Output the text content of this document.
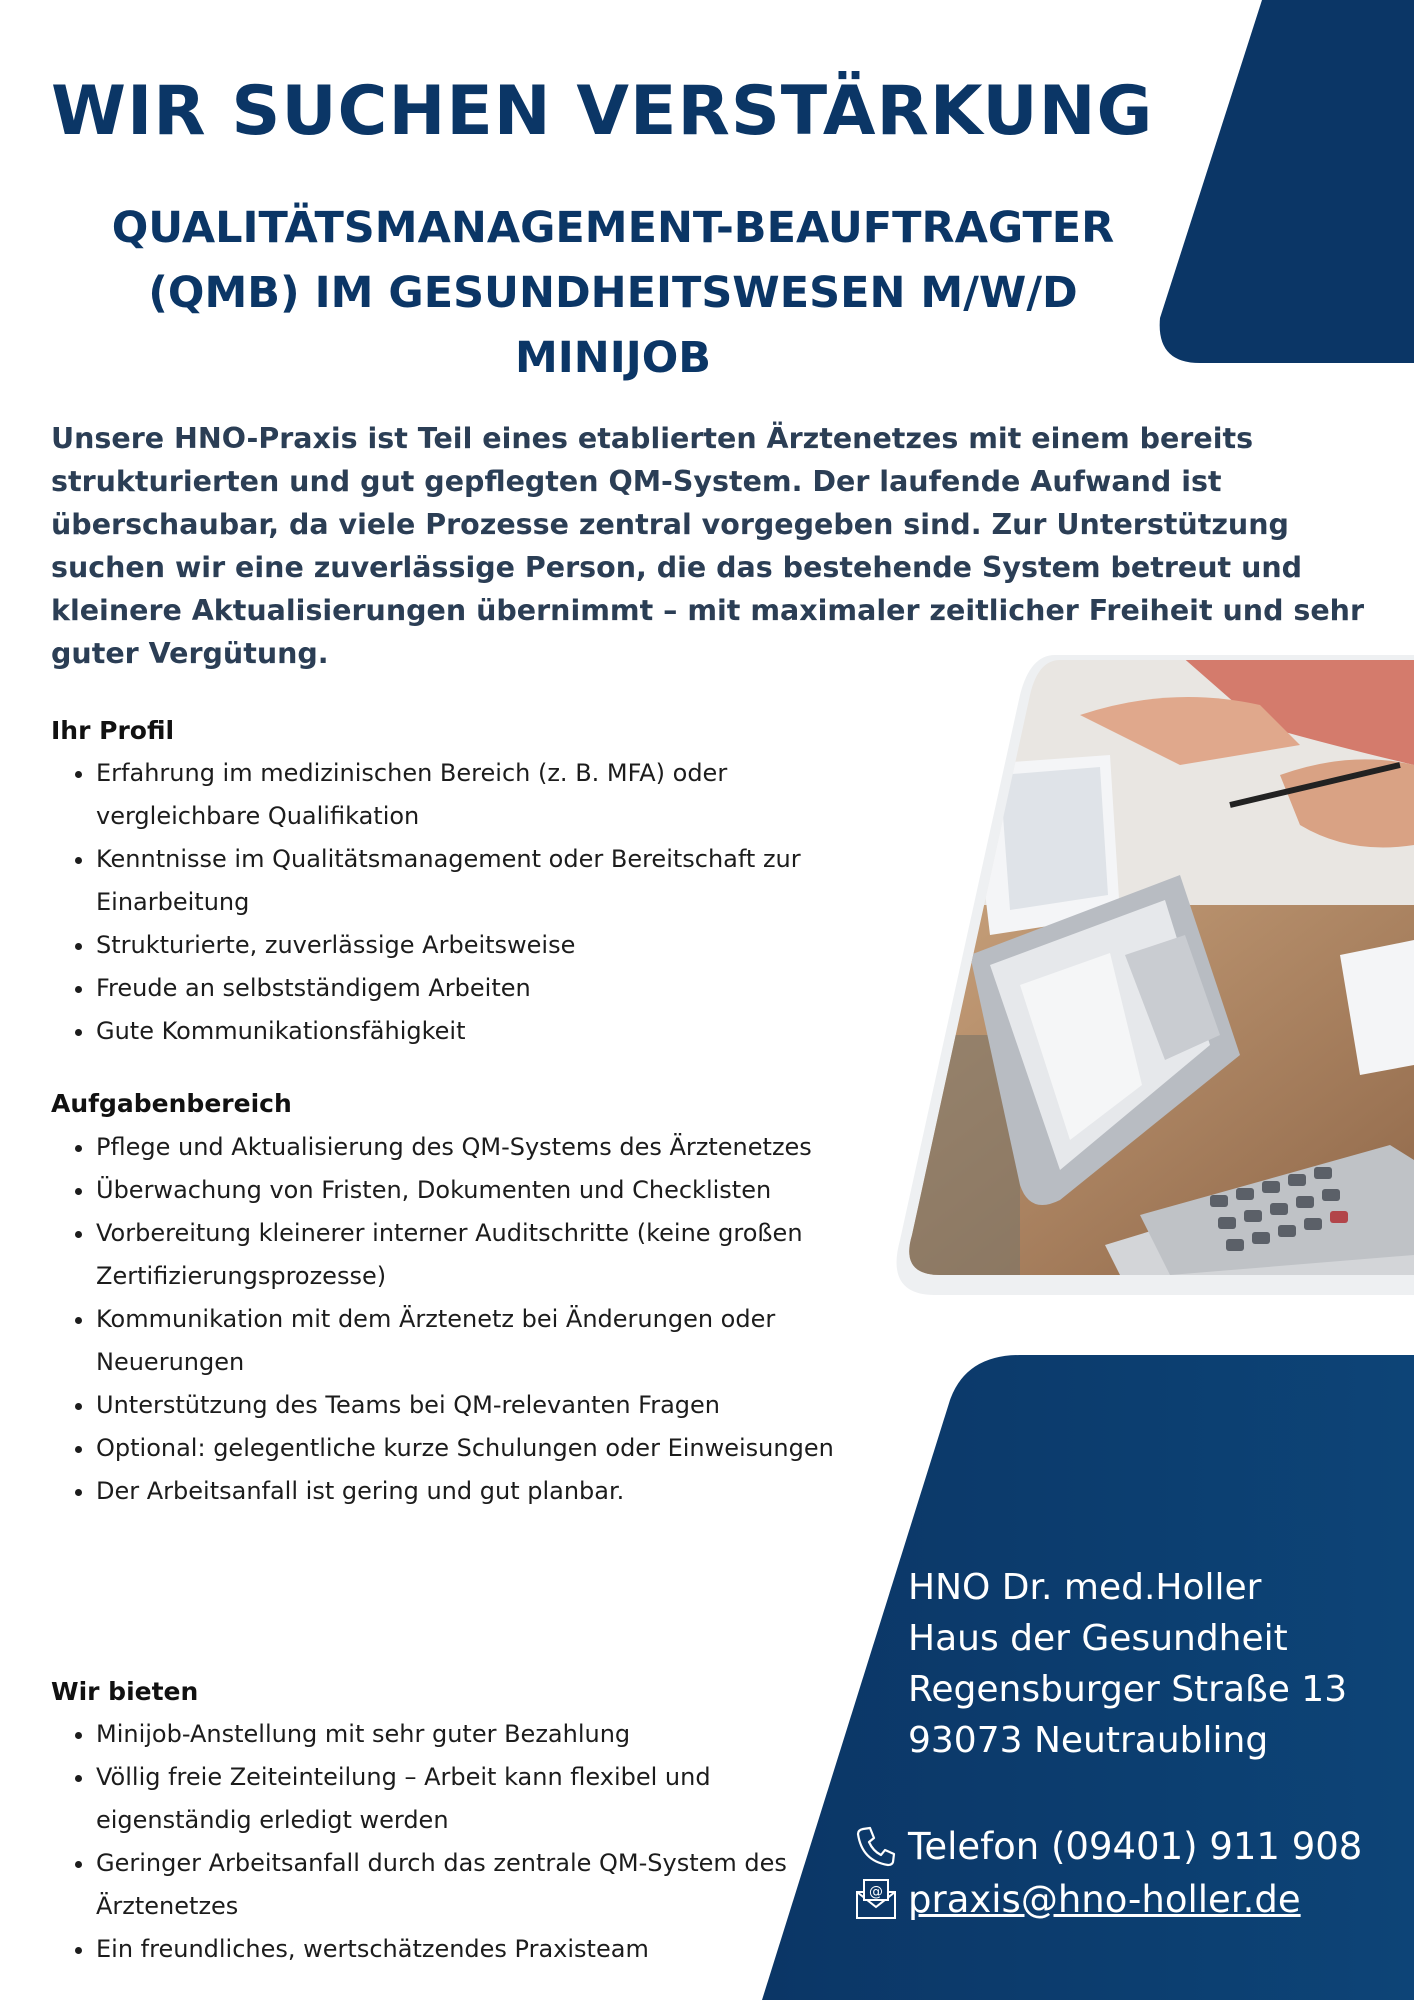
WIR SUCHEN VERSTÄRKUNG
QUALITÄTSMANAGEMENT-BEAUFTRAGTER
(QMB) IM GESUNDHEITSWESEN M/W/D
MINIJOB

Unsere HNO-Praxis ist Teil eines etablierten Ärztenetzes mit einem bereits strukturierten und gut gepflegten QM-System. Der laufende Aufwand ist überschaubar, da viele Prozesse zentral vorgegeben sind. Zur Unterstützung suchen wir eine zuverlässige Person, die das bestehende System betreut und kleinere Aktualisierungen übernimmt – mit maximaler zeitlicher Freiheit und sehr guter Vergütung.

Ihr Profil
• Erfahrung im medizinischen Bereich (z. B. MFA) oder vergleichbare Qualifikation
• Kenntnisse im Qualitätsmanagement oder Bereitschaft zur Einarbeitung
• Strukturierte, zuverlässige Arbeitsweise
• Freude an selbstständigem Arbeiten
• Gute Kommunikationsfähigkeit
Aufgabenbereich
• Pflege und Aktualisierung des QM-Systems des Ärztenetzes
• Überwachung von Fristen, Dokumenten und Checklisten
• Vorbereitung kleinerer interner Auditschritte (keine großen Zertifizierungsprozesse)
• Kommunikation mit dem Ärztenetz bei Änderungen oder Neuerungen
• Unterstützung des Teams bei QM-relevanten Fragen
• Optional: gelegentliche kurze Schulungen oder Einweisungen
• Der Arbeitsanfall ist gering und gut planbar.
Wir bieten
• Minijob-Anstellung mit sehr guter Bezahlung
• Völlig freie Zeiteinteilung – Arbeit kann flexibel und eigenständig erledigt werden
• Geringer Arbeitsanfall durch das zentrale QM-System des Ärztenetzes
• Ein freundliches, wertschätzendes Praxisteam
HNO Dr. med.Holler
Haus der Gesundheit
Regensburger Straße 13
93073 Neutraubling
Telefon (09401) 911 908
@ praxis@hno-holler.de
